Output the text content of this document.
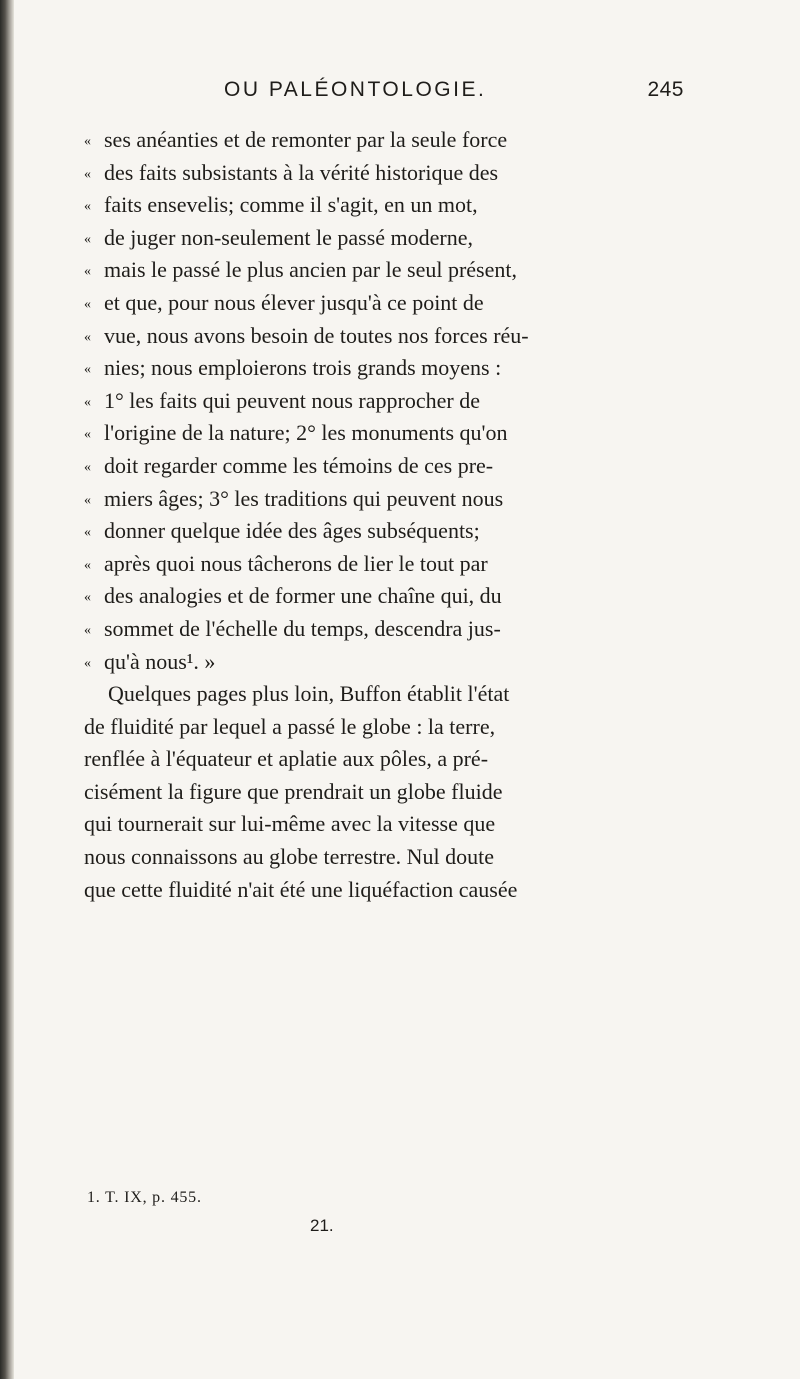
OU PALÉONTOLOGIE.	245
« ses anéanties et de remonter par la seule force
« des faits subsistants à la vérité historique des
« faits ensevelis; comme il s'agit, en un mot,
« de juger non-seulement le passé moderne,
« mais le passé le plus ancien par le seul présent,
« et que, pour nous élever jusqu'à ce point de
« vue, nous avons besoin de toutes nos forces réu-
« nies; nous emploierons trois grands moyens :
« 1° les faits qui peuvent nous rapprocher de
« l'origine de la nature; 2° les monuments qu'on
« doit regarder comme les témoins de ces pre-
« miers âges; 3° les traditions qui peuvent nous
« donner quelque idée des âges subséquents;
« après quoi nous tâcherons de lier le tout par
« des analogies et de former une chaîne qui, du
« sommet de l'échelle du temps, descendra jus-
« qu'à nous¹. »
Quelques pages plus loin, Buffon établit l'état
de fluidité par lequel a passé le globe : la terre,
renflée à l'équateur et aplatie aux pôles, a pré-
cisément la figure que prendrait un globe fluide
qui tournerait sur lui-même avec la vitesse que
nous connaissons au globe terrestre. Nul doute
que cette fluidité n'ait été une liquéfaction causée
1. T. IX, p. 455.
21.
